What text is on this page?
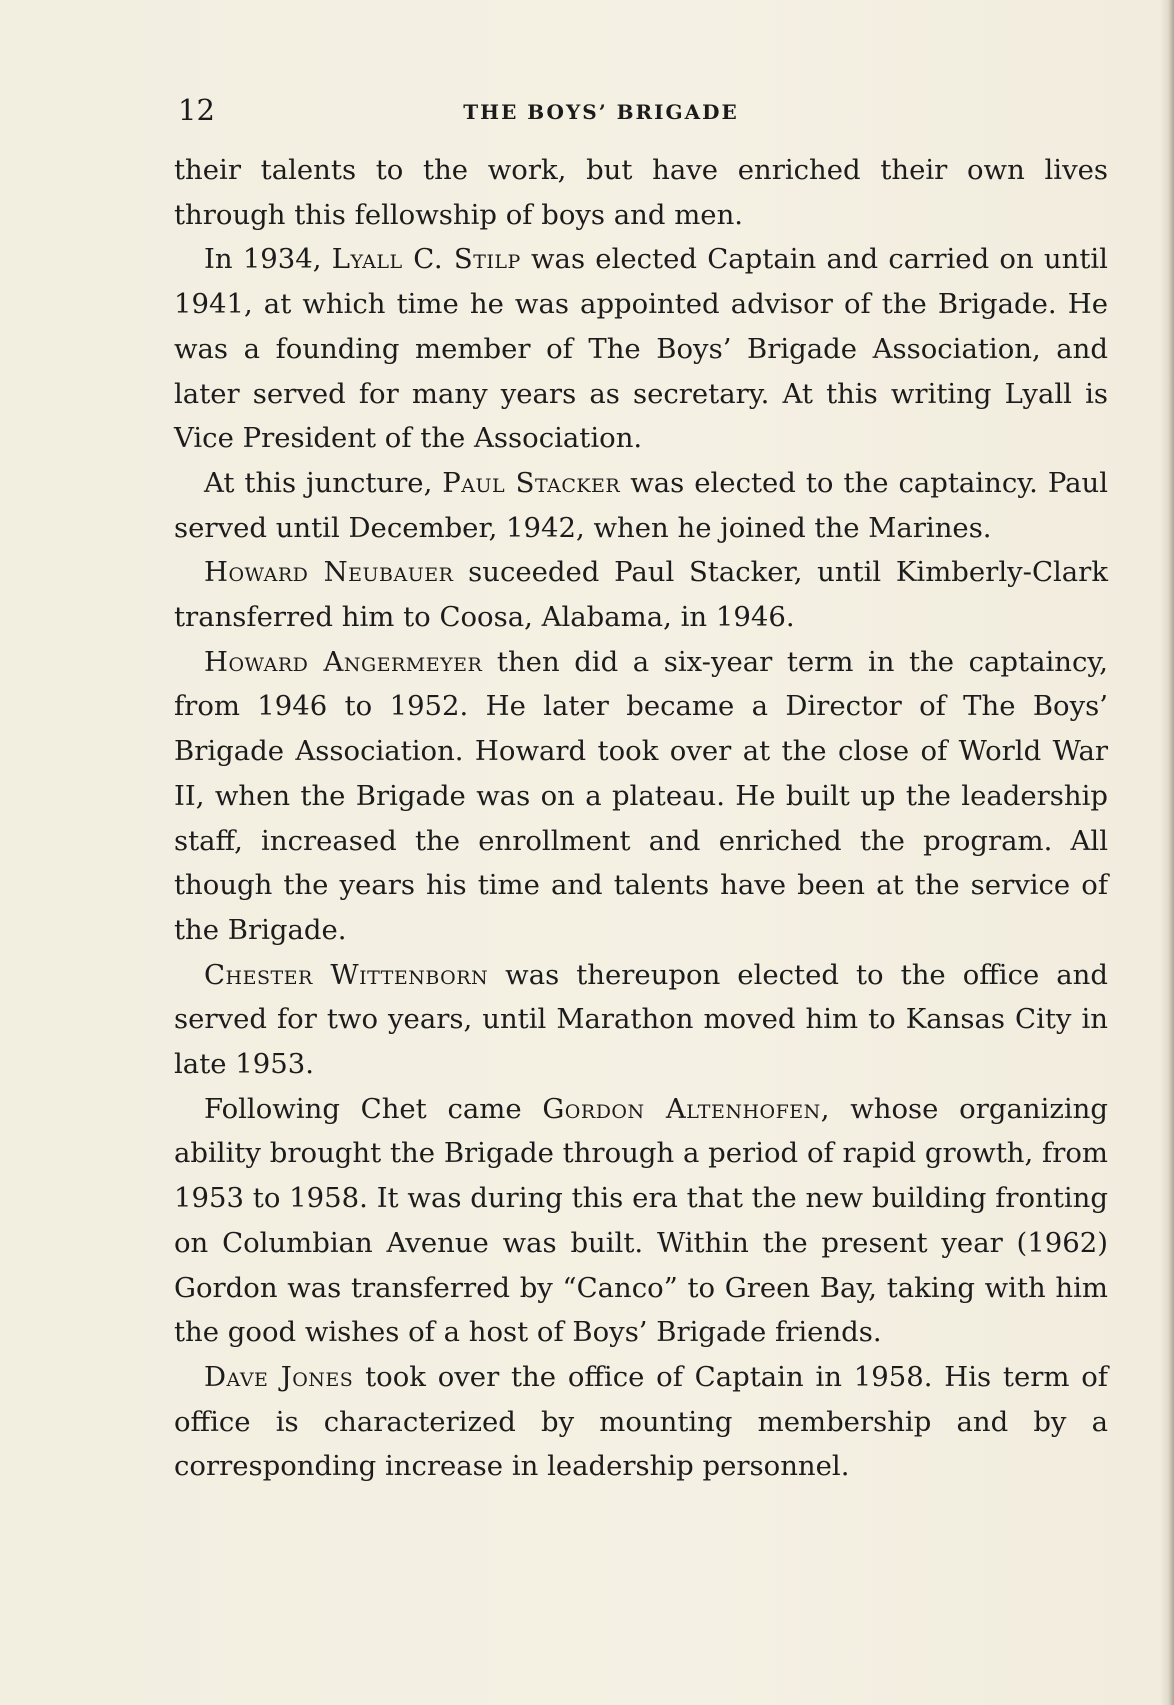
12	THE BOYS’ BRIGADE

their talents to the work, but have enriched their own lives through this fellowship of boys and men.

In 1934, Lyall C. Stilp was elected Captain and carried on until 1941, at which time he was appointed advisor of the Brigade. He was a founding member of The Boys’ Brigade Association, and later served for many years as secretary. At this writing Lyall is Vice President of the Association.

At this juncture, Paul Stacker was elected to the captaincy. Paul served until December, 1942, when he joined the Marines.

Howard Neubauer suceeded Paul Stacker, until Kimberly-Clark transferred him to Coosa, Alabama, in 1946.

Howard Angermeyer then did a six-year term in the captaincy, from 1946 to 1952. He later became a Director of The Boys’ Brigade Association. Howard took over at the close of World War II, when the Brigade was on a plateau. He built up the leadership staff, increased the enrollment and enriched the program. All though the years his time and talents have been at the service of the Brigade.

Chester Wittenborn was thereupon elected to the office and served for two years, until Marathon moved him to Kansas City in late 1953.

Following Chet came Gordon Altenhofen, whose organizing ability brought the Brigade through a period of rapid growth, from 1953 to 1958. It was during this era that the new building fronting on Columbian Avenue was built. Within the present year (1962) Gordon was transferred by “Canco” to Green Bay, taking with him the good wishes of a host of Boys’ Brigade friends.

Dave Jones took over the office of Captain in 1958. His term of office is characterized by mounting membership and by a corresponding increase in leadership personnel.
